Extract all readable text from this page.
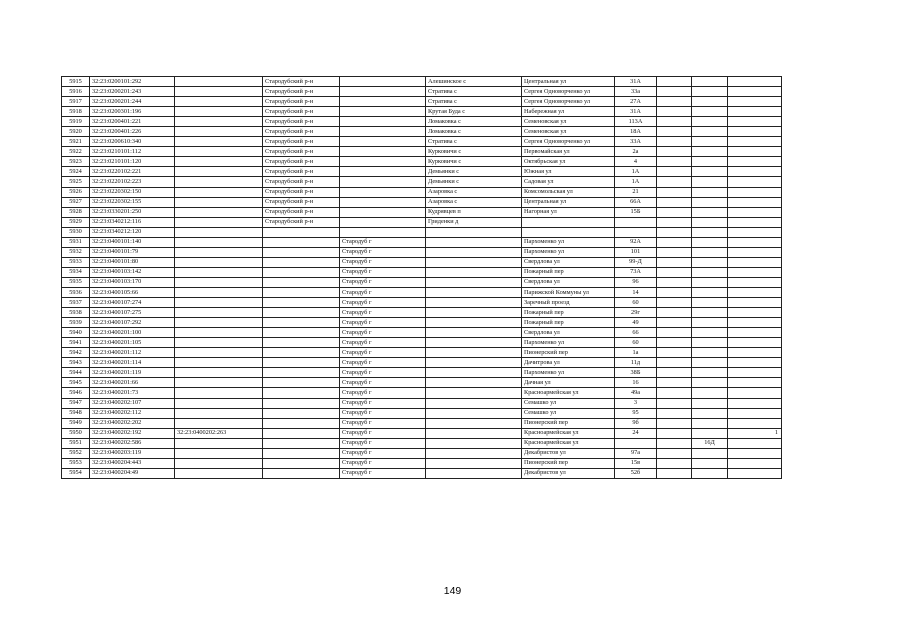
5915	32:23:0200101:292		Стародубский р-н		Алешинское с	Центральная ул	31А			
5916	32:23:0200201:243		Стародубский р-н		Стратива с	Сергея Одноворченко ул	33а			
5917	32:23:0200201:244		Стародубский р-н		Стратива с	Сергея Одноворченко ул	27А			
5918	32:23:0200301:196		Стародубский р-н		Крутая Буда с	Набережная ул	31А			
5919	32:23:0200401:221		Стародубский р-н		Ломаковка с	Семеновская ул	113А			
5920	32:23:0200401:226		Стародубский р-н		Ломаковка с	Семеновская ул	18А			
5921	32:23:0200610:340		Стародубский р-н		Стратива с	Сергея Одноворченко ул	33А			
5922	32:23:0210101:112		Стародубский р-н		Курковичи с	Первомайская ул	2а			
5923	32:23:0210101:120		Стародубский р-н		Курковичи с	Октябрьская ул	4			
5924	32:23:0220102:221		Стародубский р-н		Демьянки с	Южная ул	1А			
5925	32:23:0220102:223		Стародубский р-н		Демьянки с	Садовая ул	1А			
5926	32:23:0220302:150		Стародубский р-н		Азаровка с	Комсомольская ул	21			
5927	32:23:0220302:155		Стародубский р-н		Азаровка с	Центральная ул	66А			
5928	32:23:0330201:250		Стародубский р-н		Кудрявцев п	Нагорная ул	15Б			
5929	32:23:0340212:116		Стародубский р-н		Гриденки д					
5930	32:23:0340212:120									
5931	32:23:0400101:140			Стародуб г		Пархоменко ул	92А			
5932	32:23:0400101:79			Стародуб г		Пархоменко ул	101			
5933	32:23:0400101:80			Стародуб г		Свердлова ул	99-Д			
5934	32:23:0400103:142			Стародуб г		Пожарный пер	73А			
5935	32:23:0400103:170			Стародуб г		Свердлова ул	96			
5936	32:23:0400105:66			Стародуб г		Парижской Коммуны ул	14			
5937	32:23:0400107:274			Стародуб г		Заречный проезд	60			
5938	32:23:0400107:275			Стародуб г		Пожарный пер	29г			
5939	32:23:0400107:292			Стародуб г		Пожарный пер	49			
5940	32:23:0400201:100			Стародуб г		Свердлова ул	66			
5941	32:23:0400201:105			Стародуб г		Пархоменко ул	60			
5942	32:23:0400201:112			Стародуб г		Пионерский пер	1а			
5943	32:23:0400201:114			Стародуб г		Дачитрова ул	11д			
5944	32:23:0400201:119			Стародуб г		Пархоменко ул	38Б			
5945	32:23:0400201:66			Стародуб г		Дачная ул	16			
5946	32:23:0400201:73			Стародуб г		Красноармейская ул	49а			
5947	32:23:0400202:107			Стародуб г		Семашко ул	3			
5948	32:23:0400202:112			Стародуб г		Семашко ул	95			
5949	32:23:0400202:202			Стародуб г		Пионерский пер	9б			
5950	32:23:0400202:192	32:23:0400202:263		Стародуб г		Красноармейская ул	24			1
5951	32:23:0400202:586			Стародуб г		Красноармейская ул			16Д	
5952	32:23:0400203:119			Стародуб г		Декабристов ул	97а			
5953	32:23:0400204:443			Стародуб г		Пионерский пер	15в			
5954	32:23:0400204:49			Стародуб г		Декабристов ул	52б			
149
